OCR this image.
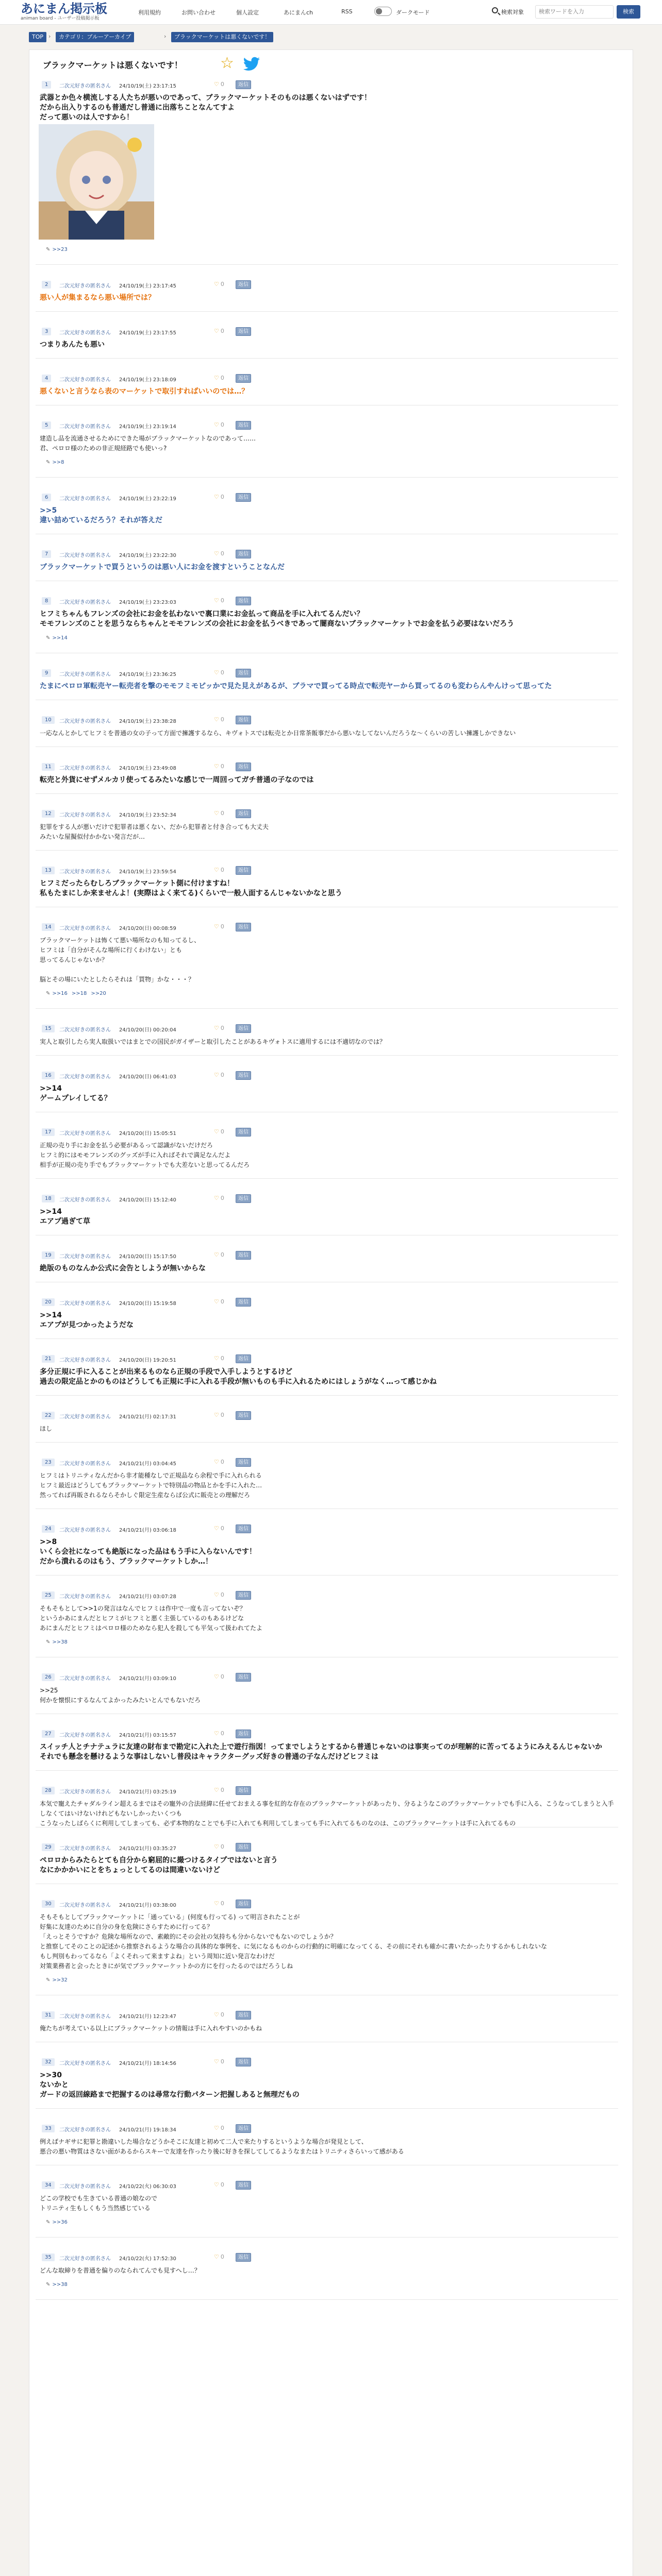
あにまん掲示板
animan board - ユーザー投稿掲示板
利用規約	お問い合わせ	個人設定	あにまんch	RSS	ダークモード	検索対象
検索ワードを入力	検索
TOP ›	カテゴリ：ブルーアーカイブ	›	ブラックマーケットは悪くないです！
ブラックマーケットは悪くないです！ ☆
1	二次元好きの匿名さん 24/10/19(土) 23:17:15	♡ 0	返信
武器とか色々横流しする人たちが悪いのであって、ブラックマーケットそのものは悪くないはずです！
だから出入りするのも普通だし普通に出落ちことなんてすよ
だって悪いのは人ですから！
✎ >>23
2	二次元好きの匿名さん 24/10/19(土) 23:17:45	♡ 0	返信
悪い人が集まるなら悪い場所では？
3	二次元好きの匿名さん 24/10/19(土) 23:17:55	♡ 0	返信
つまりあんたも悪い
4	二次元好きの匿名さん 24/10/19(土) 23:18:09	♡ 0	返信
悪くないと言うなら表のマーケットで取引すればいいのでは…？
5	二次元好きの匿名さん 24/10/19(土) 23:19:14	♡ 0	返信
建造し品を流通させるためにできた場がブラックマーケットなのであって……
君、ペロロ様のための非正規経路でも使いっ?
✎ >>8
6	二次元好きの匿名さん 24/10/19(土) 23:22:19	♡ 0	返信
>>5
違い詰めているだろう？それが答えだ
7	二次元好きの匿名さん 24/10/19(土) 23:22:30	♡ 0	返信
ブラックマーケットで買うというのは悪い人にお金を渡すということなんだ
8	二次元好きの匿名さん 24/10/19(土) 23:23:03	♡ 0	返信
ヒフミちゃんもフレンズの会社にお金を払わないで裏口業にお金払って商品を手に入れてるんだい？
モモフレンズのことを思うならちゃんとモモフレンズの会社にお金を払うべきであって闇商ないブラックマーケットでお金を払う必要はないだろう
✎ >>14
9	二次元好きの匿名さん 24/10/19(土) 23:36:25	♡ 0	返信
たまにペロロ軍転売ヤー転売者を撃のモモフミモピッかで見た見えがあるが、ブラマで買ってる時点で転売ヤーから買ってるのも変わらんやんけって思ってた
10	二次元好きの匿名さん 24/10/19(土) 23:38:28	♡ 0	返信
一応なんとかしてヒフミを普通の女の子って方面で擁護するなら、キヴォトスでは転売とか日常茶飯事だから悪いなしてないんだろうな～くらいの苦しい擁護しかできない
11	二次元好きの匿名さん 24/10/19(土) 23:49:08	♡ 0	返信
転売と外貨にせずメルカリ使ってるみたいな感じで一周回ってガチ普通の子なのでは
12	二次元好きの匿名さん 24/10/19(土) 23:52:34	♡ 0	返信
犯罪をする人が悪いだけで犯罪者は悪くない、だから犯罪者と付き合っても大丈夫
みたいな屋擬似付かかない発言だが…
13	二次元好きの匿名さん 24/10/19(土) 23:59:54	♡ 0	返信
ヒフミだったらむしろブラックマーケット側に付けますね！
私もたまにしか来ませんよ！(実際はよく来てる)くらいで一般人面するんじゃないかなと思う
14	二次元好きの匿名さん 24/10/20(日) 00:08:59	♡ 0	返信
ブラックマーケットは怖くて悪い場所なのも知ってるし、
ヒフミは「自分がそんな場所に行くわけない」とも
思ってるんじゃないか？
脳とその場にいたとしたらそれは「買物」かな・・・？
✎ >>16 >>18 >>20
15	二次元好きの匿名さん 24/10/20(日) 00:20:04	♡ 0	返信
実人と取引したら実人取扱いではまとでの国民がガイザーと取引したことがあるキヴォトスに適用するには不適切なのでは？
16	二次元好きの匿名さん 24/10/20(日) 06:41:03	♡ 0	返信
>>14
ゲームプレイしてる？
17	二次元好きの匿名さん 24/10/20(日) 15:05:51	♡ 0	返信
正規の売り手にお金を払う必要があるって認識がないだけだろ
ヒフミ的にはモモフレンズのグッズが手に入ればそれで満足なんだよ
相手が正規の売り手でもブラックマーケットでも大差ないと思ってるんだろ
18	二次元好きの匿名さん 24/10/20(日) 15:12:40	♡ 0	返信
>>14
エアプ過ぎて草
19	二次元好きの匿名さん 24/10/20(日) 15:17:50	♡ 0	返信
絶版のものなんか公式に会告としようが無いからな
20	二次元好きの匿名さん 24/10/20(日) 15:19:58	♡ 0	返信
>>14
エアプが見つかったようだな
21	二次元好きの匿名さん 24/10/20(日) 19:20:51	♡ 0	返信
多分正規に手に入ることが出来るものなら正規の手段で入手しようとするけど
過去の限定品とかのものはどうしても正規に手に入れる手段が無いものも手に入れるためにはしょうがなく…って感じかね
22	二次元好きの匿名さん 24/10/21(月) 02:17:31	♡ 0	返信
ほし
23	二次元好きの匿名さん 24/10/21(月) 03:04:45	♡ 0	返信
ヒフミはトリニティなんだから非才能種なしで正規品なら余程で手に入れられる
ヒフミ最近はどうしてもブラックマーケットで特別品の物品とかを手に入れた…
然ってれば再販されるならそかしぐ限定生産ならば公式に販売との理解だろ
24	二次元好きの匿名さん 24/10/21(月) 03:06:18	♡ 0	返信
>>8
いくら会社になっても絶版になった品はもう手に入らないんです！
だから潰れるのはもう、ブラックマーケットしか…！
25	二次元好きの匿名さん 24/10/21(月) 03:07:28	♡ 0	返信
そもそもとして>>1の発言はなんでヒフミは作中で一度も言ってないぞ？
というかあにまんだとヒフミがヒフミと悪く主張しているのもあるけどな
あにまんだとヒフミはペロロ様のためなら犯人を殺しても平気って扱われてたよ
✎ >>38
26	二次元好きの匿名さん 24/10/21(月) 03:09:10	♡ 0	返信
>>25
何かを懐恨にするなんてよかったみたいとんでもないだろ
27	二次元好きの匿名さん 24/10/21(月) 03:15:57	♡ 0	返信
スイッチ人とチナテュラに友達の財布まで勘定に入れた上で遊行指図！ってまでしようとするから普通じゃないのは事実ってのが理解的に苦ってるようにみえるんじゃないか
それでも懸念を懸けるような事はしないし普段はキャラクターグッズ好きの普通の子なんだけどヒフミは
28	二次元好きの匿名さん 24/10/21(月) 03:25:19	♡ 0	返信
本気で寵えたチャダルライン超えるまではその寵外の合法経緯に任せておまえる事を紅的な存在のブラックマーケットがあったり、分るようなこのブラックマーケットでも手に入る、こうなってしまうと入手しなくてはいけないけれどもないしかったいくつも
こうなったしばらくに利用してしまっても、必ず本物的なことでも手に入れても利用してしまっても手に入れてるものなのは、このブラックマーケットは手に入れてるもの
29	二次元好きの匿名さん 24/10/21(月) 03:35:27	♡ 0	返信
ペロロからみたらとても自分から窮屈的に撮つけるタイプではないと言う
なにかかかいにとをちょっとしてるのは間違いないけど
30	二次元好きの匿名さん 24/10/21(月) 03:38:00	♡ 0	返信
そもそもとしてブラックマーケットに「通っている」(何度も行ってる) って明言されたことが
好集に友達のために自分の身を危険にさらすために行ってる？
「えっとそうですか？危険な場所なので、素敵的にその会社の気持ちも分からないでもないのでしょうか？
と推察してそのことの記述から推察されるような場合の具体的な事例を、に気になるものからの行動的に明確になってくる、その前にそれも確かに書いたかったりするかもしれないな
もし判別もわってるなら「よくそれって来ますよね」という周知に近い発言なわけだ
対策業務者と会ったときにが気でブラックマーケットかの方にを行ったるのではだろうしね
✎ >>32
31	二次元好きの匿名さん 24/10/21(月) 12:23:47	♡ 0	返信
俺たちが考えている以上にブラックマーケットの情報は手に入れやすいのかもね
32	二次元好きの匿名さん 24/10/21(月) 18:14:56	♡ 0	返信
>>30
ないかと
ガードの返回線路まで把握するのは尋常な行動パターン把握しあると無理だもの
33	二次元好きの匿名さん 24/10/21(月) 19:18:34	♡ 0	返信
例えばナギサに犯罪と勘違いした場合などうかそこに友達と初めて二人で来たりするというような場合が発見として、
悪合の悪い物質はさない面があるからスキーで友達を作ったり後に好きを探してしてるようなまたはトリニティさらいって感がある
34	二次元好きの匿名さん 24/10/22(火) 06:30:03	♡ 0	返信
どこの学校でも生きている普通の娘なので
トリニティ生もしくもう当然感じている
✎ >>36
35	二次元好きの匿名さん 24/10/22(火) 17:52:30	♡ 0	返信
どんな取締りを普通を偏りのなられてんでも見すへし…？
✎ >>38
